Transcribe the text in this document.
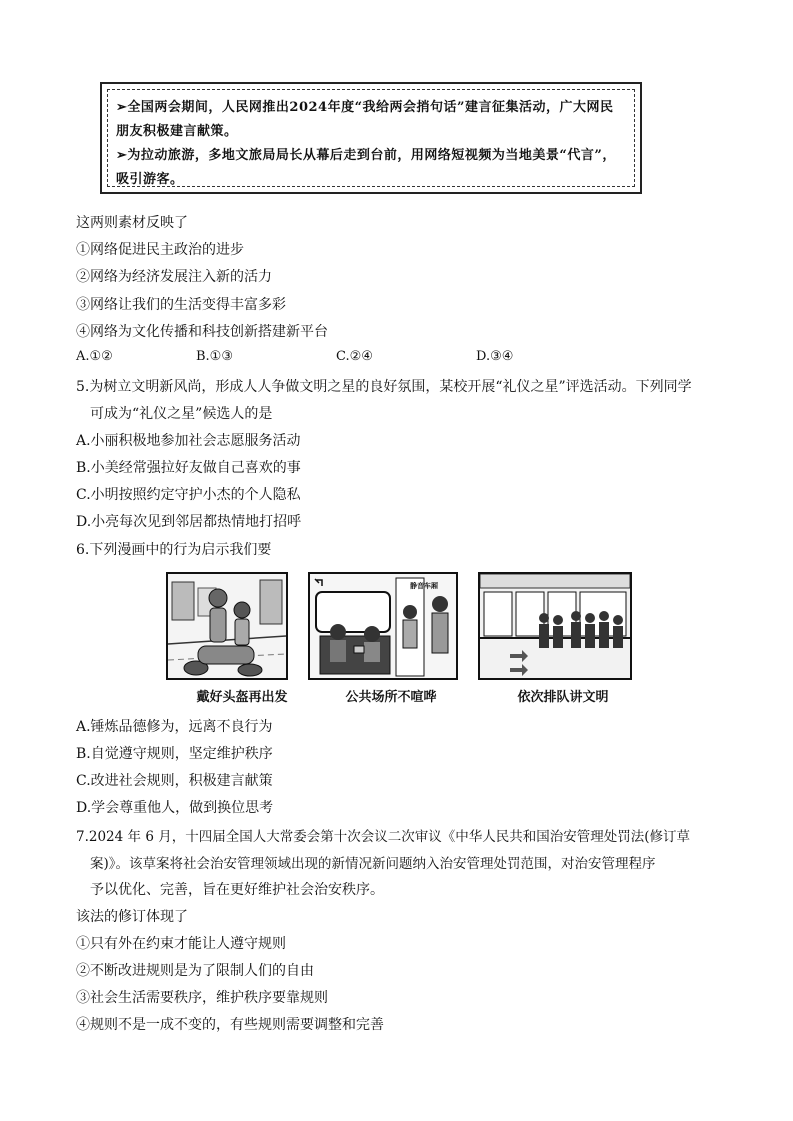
➢全国两会期间，人民网推出2024年度“我给两会捎句话”建言征集活动，广大网民
朋友积极建言献策。
➢为拉动旅游，多地文旅局局长从幕后走到台前，用网络短视频为当地美景“代言”，
吸引游客。
这两则素材反映了
①网络促进民主政治的进步
②网络为经济发展注入新的活力
③网络让我们的生活变得丰富多彩
④网络为文化传播和科技创新搭建新平台
A.①②	B.①③	C.②④	D.③④
5.为树立文明新风尚，形成人人争做文明之星的良好氛围，某校开展“礼仪之星”评选活动。下列同学
可成为“礼仪之星”候选人的是
A.小丽积极地参加社会志愿服务活动
B.小美经常强拉好友做自己喜欢的事
C.小明按照约定守护小杰的个人隐私
D.小亮每次见到邻居都热情地打招呼
6.下列漫画中的行为启示我们要
静音车厢
戴好头盔再出发	公共场所不喧哗	依次排队讲文明
A.锤炼品德修为，远离不良行为
B.自觉遵守规则，坚定维护秩序
C.改进社会规则，积极建言献策
D.学会尊重他人，做到换位思考
7.2024 年 6 月，十四届全国人大常委会第十次会议二次审议《中华人民共和国治安管理处罚法(修订草
案)》。该草案将社会治安管理领域出现的新情况新问题纳入治安管理处罚范围，对治安管理程序
予以优化、完善，旨在更好维护社会治安秩序。
该法的修订体现了
①只有外在约束才能让人遵守规则
②不断改进规则是为了限制人们的自由
③社会生活需要秩序，维护秩序要靠规则
④规则不是一成不变的，有些规则需要调整和完善
